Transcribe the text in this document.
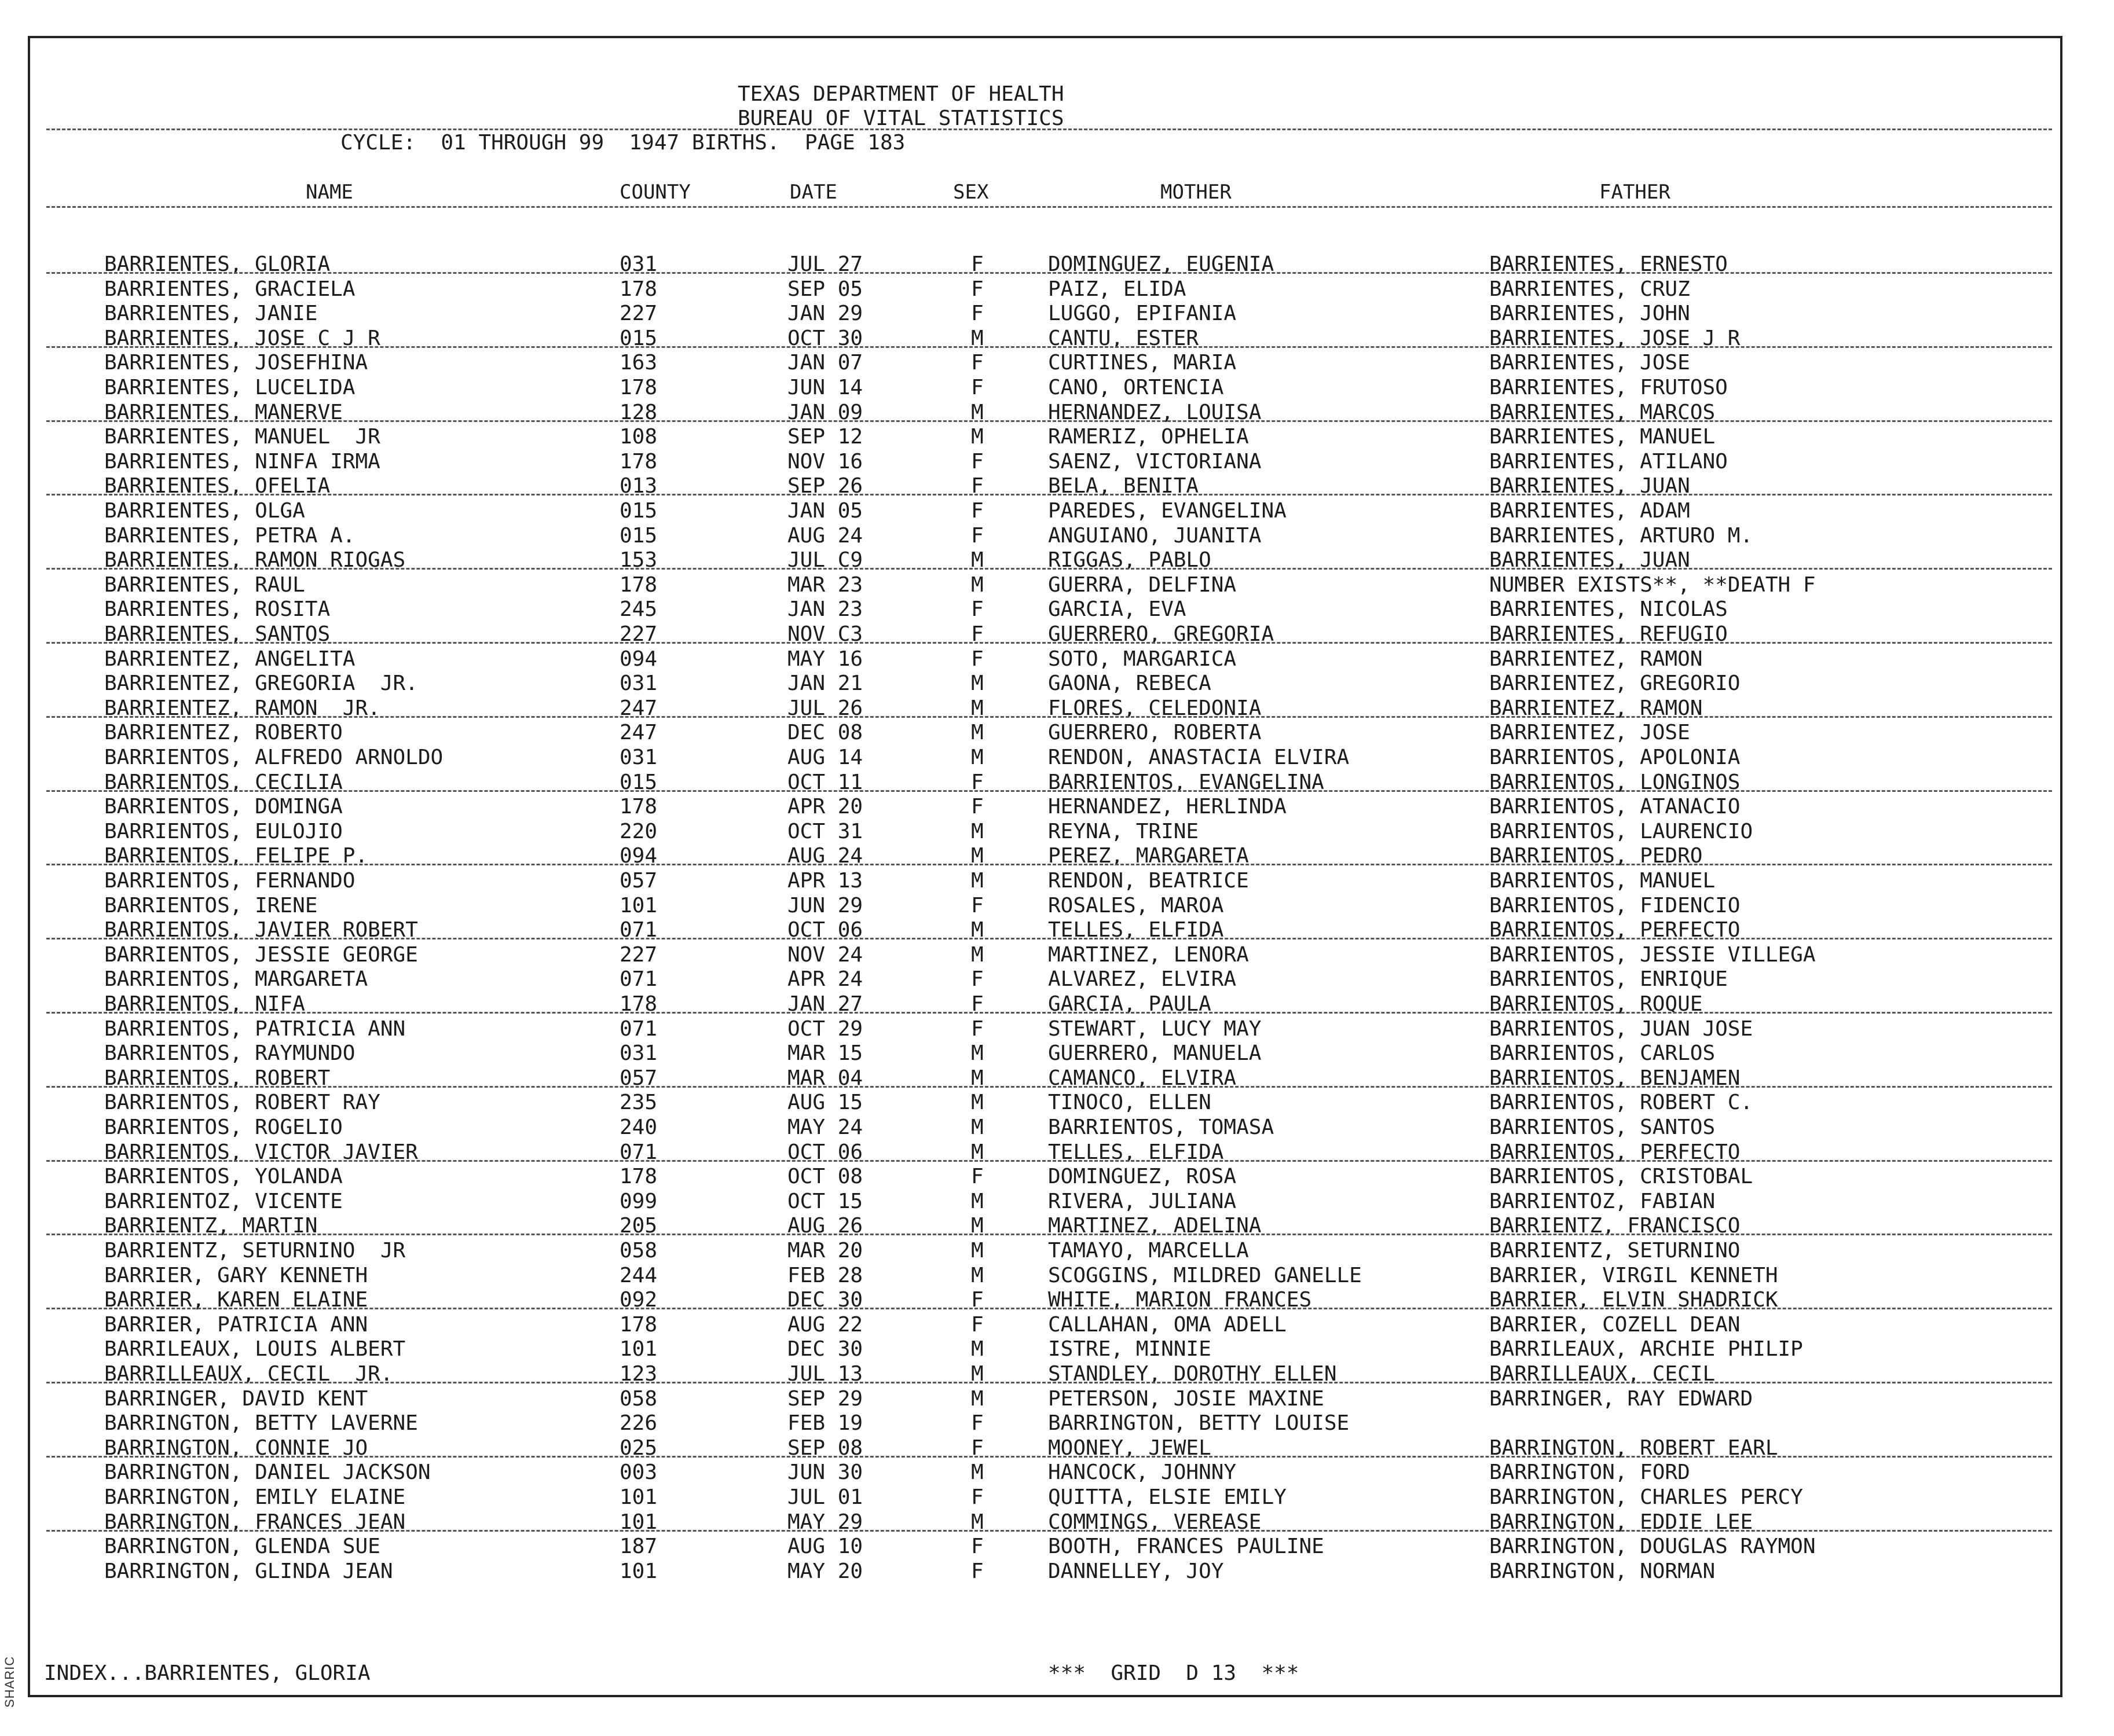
TEXAS DEPARTMENT OF HEALTH
BUREAU OF VITAL STATISTICS
CYCLE:  01 THROUGH 99  1947 BIRTHS.  PAGE 183
NAME	COUNTY	DATE	SEX	MOTHER	FATHER
BARRIENTES, GLORIA	031	JUL 27	F	DOMINGUEZ, EUGENIA	BARRIENTES, ERNESTO
BARRIENTES, GRACIELA	178	SEP 05	F	PAIZ, ELIDA	BARRIENTES, CRUZ
BARRIENTES, JANIE	227	JAN 29	F	LUGGO, EPIFANIA	BARRIENTES, JOHN
BARRIENTES, JOSE C J R	015	OCT 30	M	CANTU, ESTER	BARRIENTES, JOSE J R
BARRIENTES, JOSEFHINA	163	JAN 07	F	CURTINES, MARIA	BARRIENTES, JOSE
BARRIENTES, LUCELIDA	178	JUN 14	F	CANO, ORTENCIA	BARRIENTES, FRUTOSO
BARRIENTES, MANERVE	128	JAN 09	M	HERNANDEZ, LOUISA	BARRIENTES, MARCOS
BARRIENTES, MANUEL  JR	108	SEP 12	M	RAMERIZ, OPHELIA	BARRIENTES, MANUEL
BARRIENTES, NINFA IRMA	178	NOV 16	F	SAENZ, VICTORIANA	BARRIENTES, ATILANO
BARRIENTES, OFELIA	013	SEP 26	F	BELA, BENITA	BARRIENTES, JUAN
BARRIENTES, OLGA	015	JAN 05	F	PAREDES, EVANGELINA	BARRIENTES, ADAM
BARRIENTES, PETRA A.	015	AUG 24	F	ANGUIANO, JUANITA	BARRIENTES, ARTURO M.
BARRIENTES, RAMON RIOGAS	153	JUL C9	M	RIGGAS, PABLO	BARRIENTES, JUAN
BARRIENTES, RAUL	178	MAR 23	M	GUERRA, DELFINA	NUMBER EXISTS**, **DEATH F
BARRIENTES, ROSITA	245	JAN 23	F	GARCIA, EVA	BARRIENTES, NICOLAS
BARRIENTES, SANTOS	227	NOV C3	F	GUERRERO, GREGORIA	BARRIENTES, REFUGIO
BARRIENTEZ, ANGELITA	094	MAY 16	F	SOTO, MARGARICA	BARRIENTEZ, RAMON
BARRIENTEZ, GREGORIA  JR.	031	JAN 21	M	GAONA, REBECA	BARRIENTEZ, GREGORIO
BARRIENTEZ, RAMON  JR.	247	JUL 26	M	FLORES, CELEDONIA	BARRIENTEZ, RAMON
BARRIENTEZ, ROBERTO	247	DEC 08	M	GUERRERO, ROBERTA	BARRIENTEZ, JOSE
BARRIENTOS, ALFREDO ARNOLDO	031	AUG 14	M	RENDON, ANASTACIA ELVIRA	BARRIENTOS, APOLONIA
BARRIENTOS, CECILIA	015	OCT 11	F	BARRIENTOS, EVANGELINA	BARRIENTOS, LONGINOS
BARRIENTOS, DOMINGA	178	APR 20	F	HERNANDEZ, HERLINDA	BARRIENTOS, ATANACIO
BARRIENTOS, EULOJIO	220	OCT 31	M	REYNA, TRINE	BARRIENTOS, LAURENCIO
BARRIENTOS, FELIPE P.	094	AUG 24	M	PEREZ, MARGARETA	BARRIENTOS, PEDRO
BARRIENTOS, FERNANDO	057	APR 13	M	RENDON, BEATRICE	BARRIENTOS, MANUEL
BARRIENTOS, IRENE	101	JUN 29	F	ROSALES, MAROA	BARRIENTOS, FIDENCIO
BARRIENTOS, JAVIER ROBERT	071	OCT 06	M	TELLES, ELFIDA	BARRIENTOS, PERFECTO
BARRIENTOS, JESSIE GEORGE	227	NOV 24	M	MARTINEZ, LENORA	BARRIENTOS, JESSIE VILLEGA
BARRIENTOS, MARGARETA	071	APR 24	F	ALVAREZ, ELVIRA	BARRIENTOS, ENRIQUE
BARRIENTOS, NIFA	178	JAN 27	F	GARCIA, PAULA	BARRIENTOS, ROQUE
BARRIENTOS, PATRICIA ANN	071	OCT 29	F	STEWART, LUCY MAY	BARRIENTOS, JUAN JOSE
BARRIENTOS, RAYMUNDO	031	MAR 15	M	GUERRERO, MANUELA	BARRIENTOS, CARLOS
BARRIENTOS, ROBERT	057	MAR 04	M	CAMANCO, ELVIRA	BARRIENTOS, BENJAMEN
BARRIENTOS, ROBERT RAY	235	AUG 15	M	TINOCO, ELLEN	BARRIENTOS, ROBERT C.
BARRIENTOS, ROGELIO	240	MAY 24	M	BARRIENTOS, TOMASA	BARRIENTOS, SANTOS
BARRIENTOS, VICTOR JAVIER	071	OCT 06	M	TELLES, ELFIDA	BARRIENTOS, PERFECTO
BARRIENTOS, YOLANDA	178	OCT 08	F	DOMINGUEZ, ROSA	BARRIENTOS, CRISTOBAL
BARRIENTOZ, VICENTE	099	OCT 15	M	RIVERA, JULIANA	BARRIENTOZ, FABIAN
BARRIENTZ, MARTIN	205	AUG 26	M	MARTINEZ, ADELINA	BARRIENTZ, FRANCISCO
BARRIENTZ, SETURNINO  JR	058	MAR 20	M	TAMAYO, MARCELLA	BARRIENTZ, SETURNINO
BARRIER, GARY KENNETH	244	FEB 28	M	SCOGGINS, MILDRED GANELLE	BARRIER, VIRGIL KENNETH
BARRIER, KAREN ELAINE	092	DEC 30	F	WHITE, MARION FRANCES	BARRIER, ELVIN SHADRICK
BARRIER, PATRICIA ANN	178	AUG 22	F	CALLAHAN, OMA ADELL	BARRIER, COZELL DEAN
BARRILEAUX, LOUIS ALBERT	101	DEC 30	M	ISTRE, MINNIE	BARRILEAUX, ARCHIE PHILIP
BARRILLEAUX, CECIL  JR.	123	JUL 13	M	STANDLEY, DOROTHY ELLEN	BARRILLEAUX, CECIL
BARRINGER, DAVID KENT	058	SEP 29	M	PETERSON, JOSIE MAXINE	BARRINGER, RAY EDWARD
BARRINGTON, BETTY LAVERNE	226	FEB 19	F	BARRINGTON, BETTY LOUISE
BARRINGTON, CONNIE JO	025	SEP 08	F	MOONEY, JEWEL	BARRINGTON, ROBERT EARL
BARRINGTON, DANIEL JACKSON	003	JUN 30	M	HANCOCK, JOHNNY	BARRINGTON, FORD
BARRINGTON, EMILY ELAINE	101	JUL 01	F	QUITTA, ELSIE EMILY	BARRINGTON, CHARLES PERCY
BARRINGTON, FRANCES JEAN	101	MAY 29	M	COMMINGS, VEREASE	BARRINGTON, EDDIE LEE
BARRINGTON, GLENDA SUE	187	AUG 10	F	BOOTH, FRANCES PAULINE	BARRINGTON, DOUGLAS RAYMON
BARRINGTON, GLINDA JEAN	101	MAY 20	F	DANNELLEY, JOY	BARRINGTON, NORMAN
INDEX...BARRIENTES, GLORIA	***  GRID  D 13  ***
SHARIC
